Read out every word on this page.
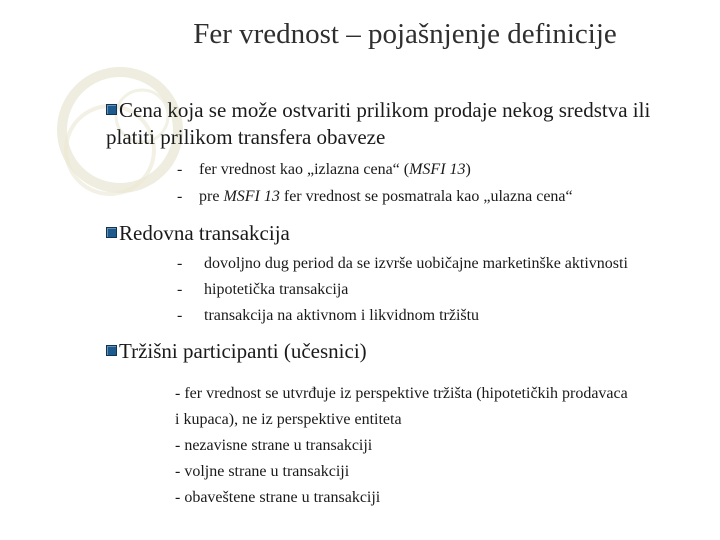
Fer vrednost – pojašnjenje definicije
Cena koja se može ostvariti prilikom prodaje nekog sredstva ili
platiti prilikom transfera obaveze
- fer vrednost kao „izlazna cena“ (MSFI 13)
- pre MSFI 13 fer vrednost se posmatrala kao „ulazna cena“
Redovna transakcija
- dovoljno dug period da se izvrše uobičajne marketinške aktivnosti
- hipotetička transakcija
- transakcija na aktivnom i likvidnom tržištu
Tržišni participanti (učesnici)
- fer vrednost se utvrđuje iz perspektive tržišta (hipotetičkih prodavaca
i kupaca), ne iz perspektive entiteta
- nezavisne strane u transakciji
- voljne strane u transakciji
- obaveštene strane u transakciji
